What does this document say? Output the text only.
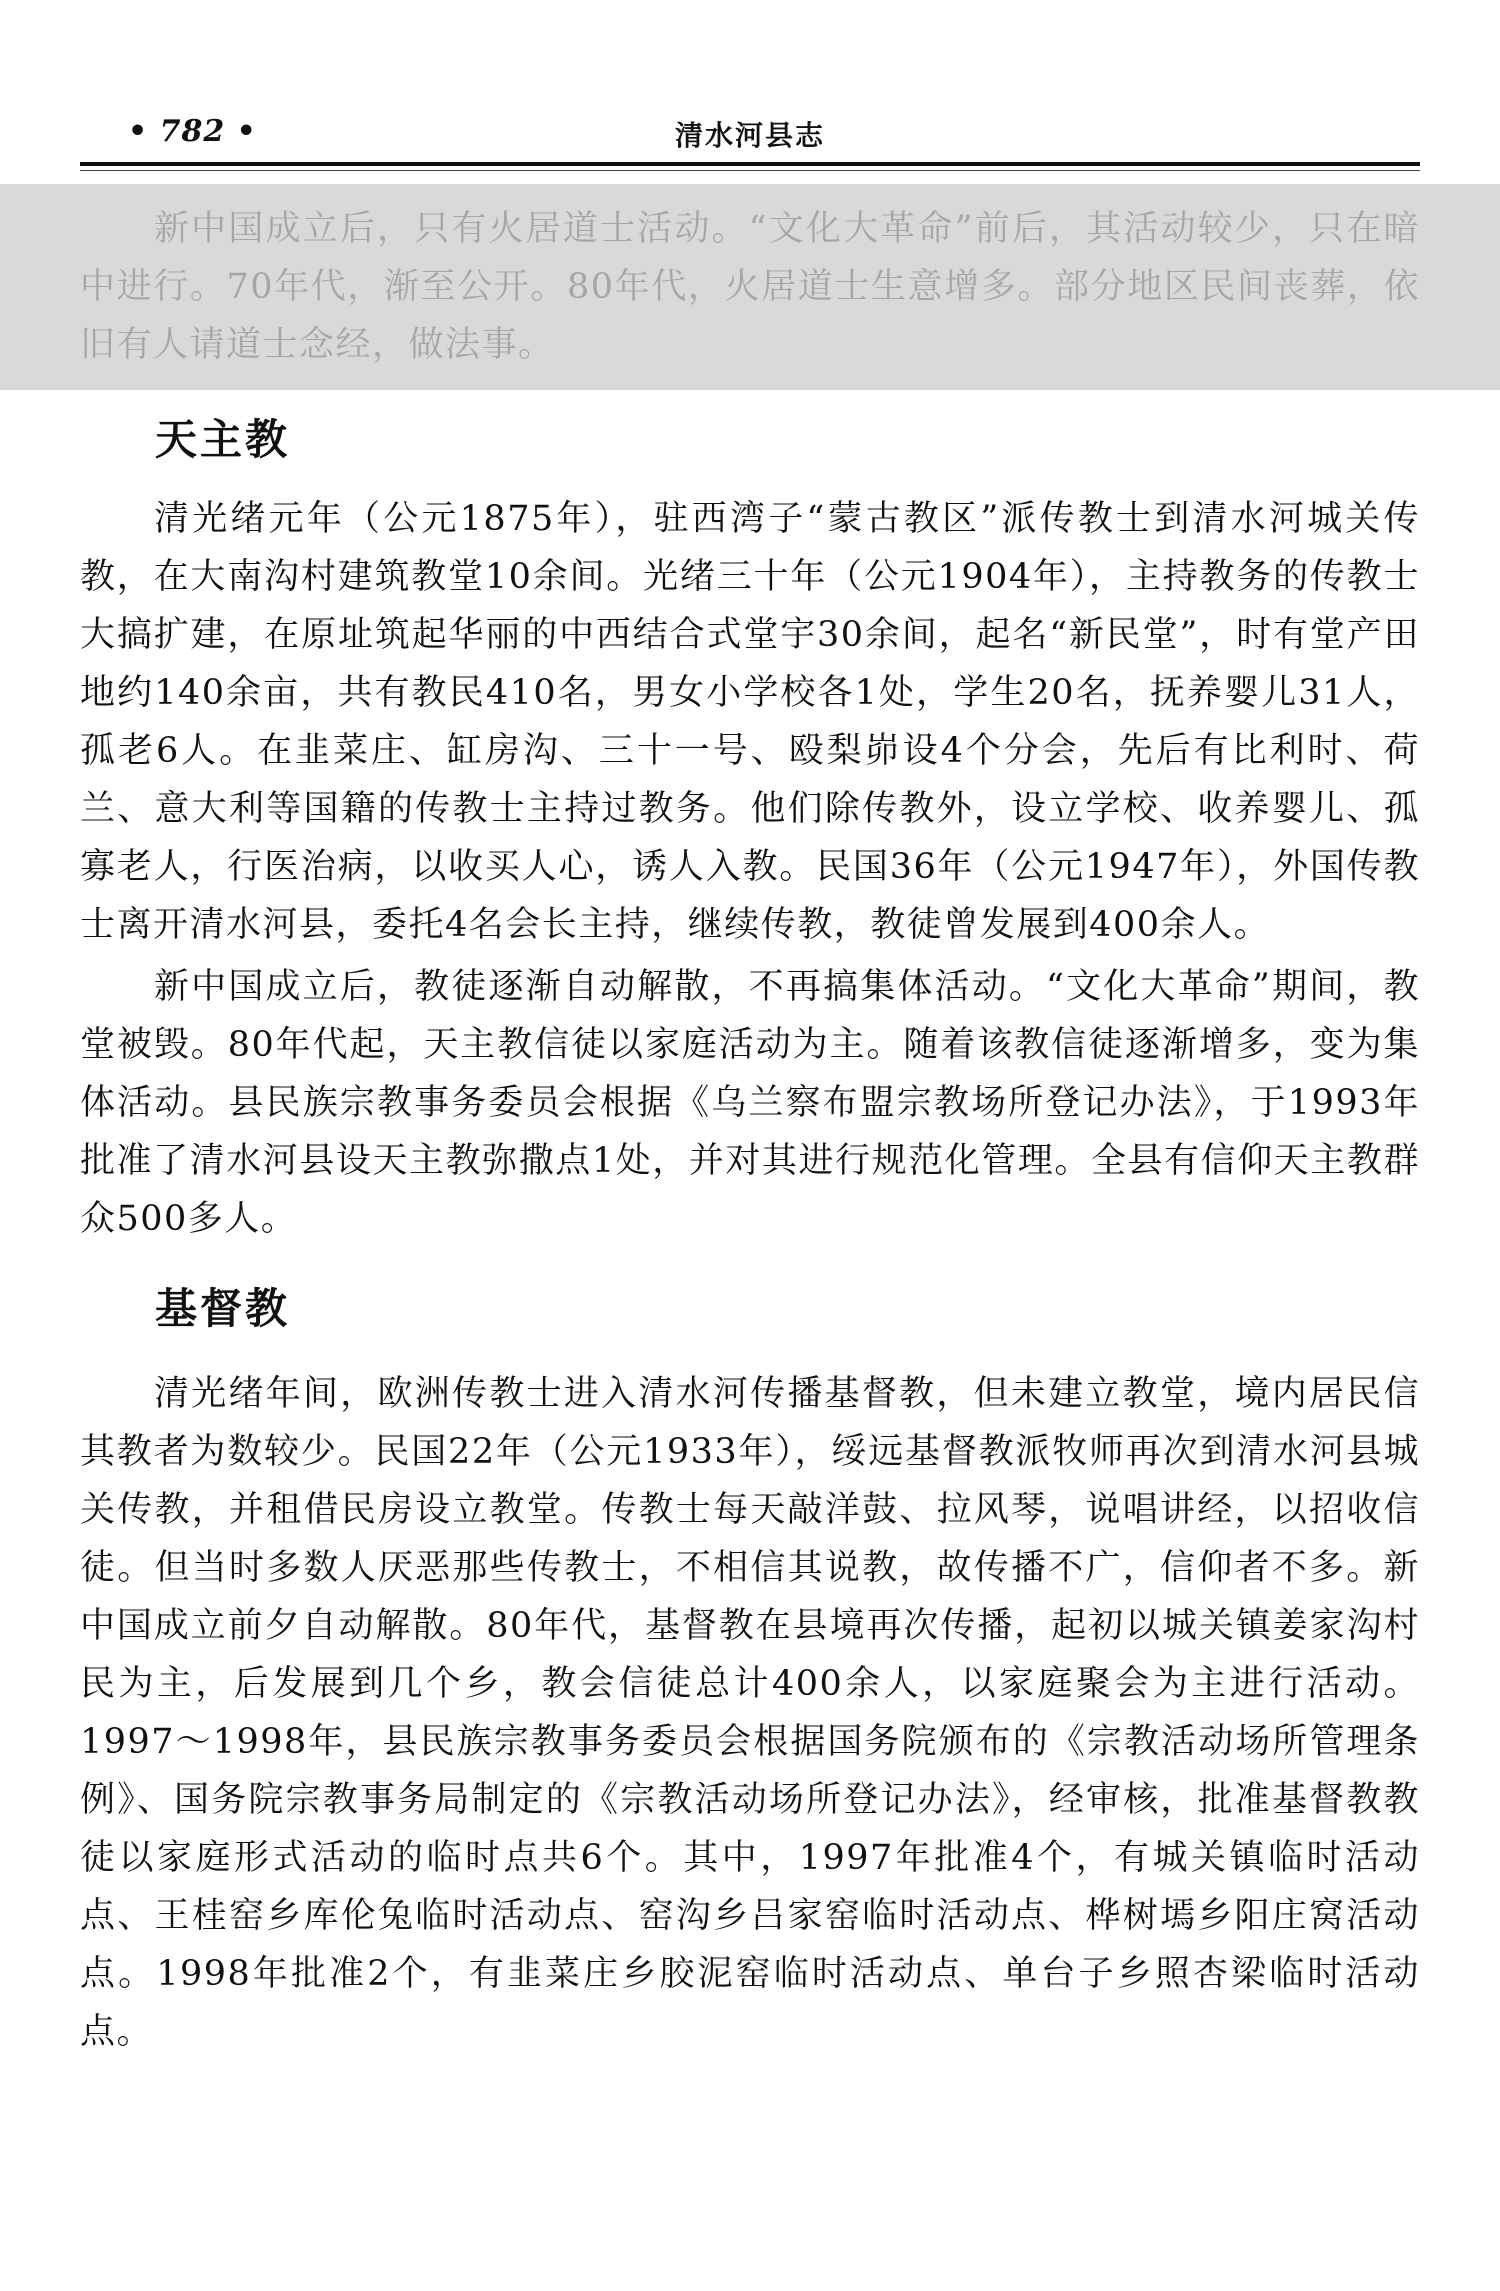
• 782 •	清水河县志

新中国成立后，只有火居道士活动。“文化大革命”前后，其活动较少，只在暗中进行。70年代，渐至公开。80年代，火居道士生意增多。部分地区民间丧葬，依旧有人请道士念经，做法事。

天主教

清光绪元年（公元1875年），驻西湾子“蒙古教区”派传教士到清水河城关传教，在大南沟村建筑教堂10余间。光绪三十年（公元1904年），主持教务的传教士大搞扩建，在原址筑起华丽的中西结合式堂宇30余间，起名“新民堂”，时有堂产田地约140余亩，共有教民410名，男女小学校各1处，学生20名，抚养婴儿31人，孤老6人。在韭菜庄、缸房沟、三十一号、殴梨峁设4个分会，先后有比利时、荷兰、意大利等国籍的传教士主持过教务。他们除传教外，设立学校、收养婴儿、孤寡老人，行医治病，以收买人心，诱人入教。民国36年（公元1947年），外国传教士离开清水河县，委托4名会长主持，继续传教，教徒曾发展到400余人。

新中国成立后，教徒逐渐自动解散，不再搞集体活动。“文化大革命”期间，教堂被毁。80年代起，天主教信徒以家庭活动为主。随着该教信徒逐渐增多，变为集体活动。县民族宗教事务委员会根据《乌兰察布盟宗教场所登记办法》，于1993年批准了清水河县设天主教弥撒点1处，并对其进行规范化管理。全县有信仰天主教群众500多人。

基督教

清光绪年间，欧洲传教士进入清水河传播基督教，但未建立教堂，境内居民信其教者为数较少。民国22年（公元1933年），绥远基督教派牧师再次到清水河县城关传教，并租借民房设立教堂。传教士每天敲洋鼓、拉风琴，说唱讲经，以招收信徒。但当时多数人厌恶那些传教士，不相信其说教，故传播不广，信仰者不多。新中国成立前夕自动解散。80年代，基督教在县境再次传播，起初以城关镇姜家沟村民为主，后发展到几个乡，教会信徒总计400余人，以家庭聚会为主进行活动。1997～1998年，县民族宗教事务委员会根据国务院颁布的《宗教活动场所管理条例》、国务院宗教事务局制定的《宗教活动场所登记办法》，经审核，批准基督教教徒以家庭形式活动的临时点共6个。其中，1997年批准4个，有城关镇临时活动点、王桂窑乡库伦兔临时活动点、窑沟乡吕家窑临时活动点、桦树墕乡阳庄窝活动点。1998年批准2个，有韭菜庄乡胶泥窑临时活动点、单台子乡照杏梁临时活动点。
